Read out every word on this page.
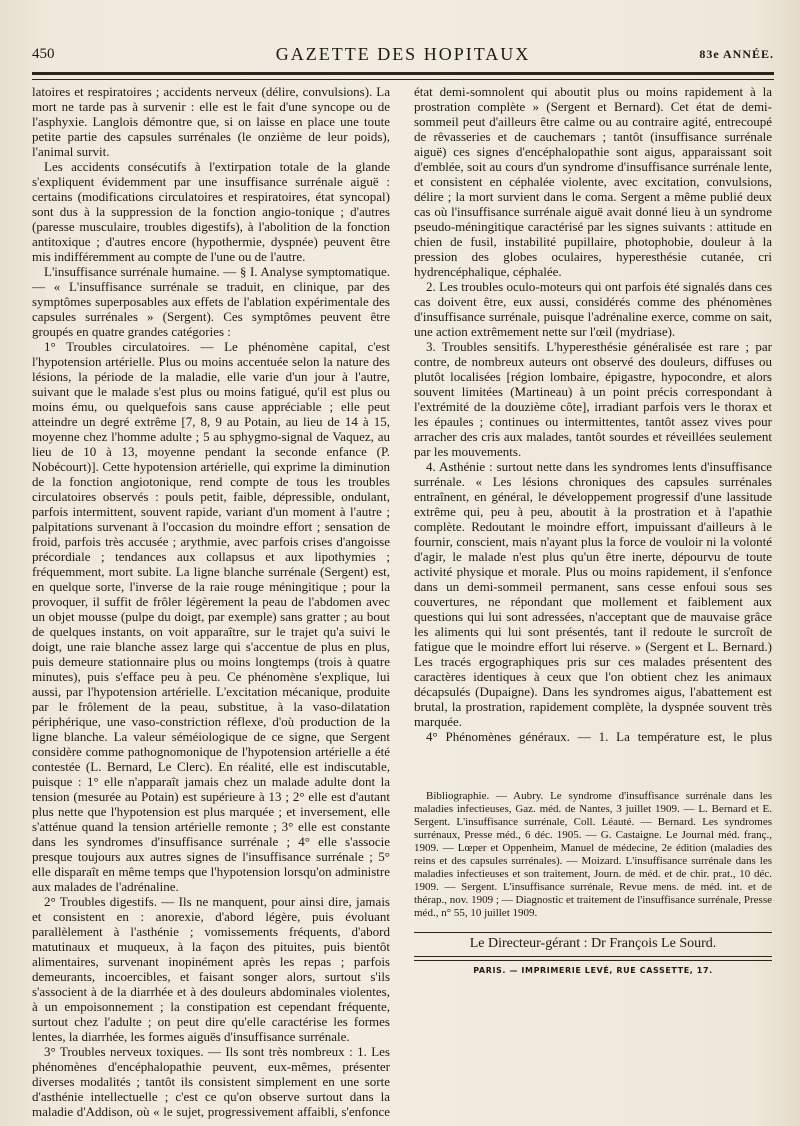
450	GAZETTE DES HOPITAUX	83e ANNÉE.

latoires et respiratoires ; accidents nerveux (délire, convulsions). La mort ne tarde pas à survenir : elle est le fait d'une syncope ou de l'asphyxie. Langlois démontre que, si on laisse en place une toute petite partie des capsules surrénales (le onzième de leur poids), l'animal survit.

Les accidents consécutifs à l'extirpation totale de la glande s'expliquent évidemment par une insuffisance surrénale aiguë : certains (modifications circulatoires et respiratoires, état syncopal) sont dus à la suppression de la fonction angio-tonique ; d'autres (paresse musculaire, troubles digestifs), à l'abolition de la fonction antitoxique ; d'autres encore (hypothermie, dyspnée) peuvent être mis indifféremment au compte de l'une ou de l'autre.

L'insuffisance surrénale humaine. — § I. Analyse symptomatique. — « L'insuffisance surrénale se traduit, en clinique, par des symptômes superposables aux effets de l'ablation expérimentale des capsules surrénales » (Sergent). Ces symptômes peuvent être groupés en quatre grandes catégories :

1° Troubles circulatoires. — Le phénomène capital, c'est l'hypotension artérielle. Plus ou moins accentuée selon la nature des lésions, la période de la maladie, elle varie d'un jour à l'autre, suivant que le malade s'est plus ou moins fatigué, qu'il est plus ou moins ému, ou quelquefois sans cause appréciable ; elle peut atteindre un degré extrême [7, 8, 9 au Potain, au lieu de 14 à 15, moyenne chez l'homme adulte ; 5 au sphygmo-signal de Vaquez, au lieu de 10 à 13, moyenne pendant la seconde enfance (P. Nobécourt)]. Cette hypotension artérielle, qui exprime la diminution de la fonction angiotonique, rend compte de tous les troubles circulatoires observés : pouls petit, faible, dépressible, ondulant, parfois intermittent, souvent rapide, variant d'un moment à l'autre ; palpitations survenant à l'occasion du moindre effort ; sensation de froid, parfois très accusée ; arythmie, avec parfois crises d'angoisse précordiale ; tendances aux collapsus et aux lipothymies ; fréquemment, mort subite. La ligne blanche surrénale (Sergent) est, en quelque sorte, l'inverse de la raie rouge méningitique ; pour la provoquer, il suffit de frôler légèrement la peau de l'abdomen avec un objet mousse (pulpe du doigt, par exemple) sans gratter ; au bout de quelques instants, on voit apparaître, sur le trajet qu'a suivi le doigt, une raie blanche assez large qui s'accentue de plus en plus, puis demeure stationnaire plus ou moins longtemps (trois à quatre minutes), puis s'efface peu à peu. Ce phénomène s'explique, lui aussi, par l'hypotension artérielle. L'excitation mécanique, produite par le frôlement de la peau, substitue, à la vaso-dilatation périphérique, une vaso-constriction réflexe, d'où production de la ligne blanche. La valeur séméiologique de ce signe, que Sergent considère comme pathognomonique de l'hypotension artérielle a été contestée (L. Bernard, Le Clerc). En réalité, elle est indiscutable, puisque : 1° elle n'apparaît jamais chez un malade adulte dont la tension (mesurée au Potain) est supérieure à 13 ; 2° elle est d'autant plus nette que l'hypotension est plus marquée ; et inversement, elle s'atténue quand la tension artérielle remonte ; 3° elle est constante dans les syndromes d'insuffisance surrénale ; 4° elle s'associe presque toujours aux autres signes de l'insuffisance surrénale ; 5° elle disparaît en même temps que l'hypotension lorsqu'on administre aux malades de l'adrénaline.

2° Troubles digestifs. — Ils ne manquent, pour ainsi dire, jamais et consistent en : anorexie, d'abord légère, puis évoluant parallèlement à l'asthénie ; vomissements fréquents, d'abord matutinaux et muqueux, à la façon des pituites, puis bientôt alimentaires, survenant inopinément après les repas ; parfois demeurants, incoercibles, et faisant songer alors, surtout s'ils s'associent à de la diarrhée et à des douleurs abdominales violentes, à un empoisonnement ; la constipation est cependant fréquente, surtout chez l'adulte ; on peut dire qu'elle caractérise les formes lentes, la diarrhée, les formes aiguës d'insuffisance surrénale.

3° Troubles nerveux toxiques. — Ils sont très nombreux : 1. Les phénomènes d'encéphalopathie peuvent, eux-mêmes, présenter diverses modalités ; tantôt ils consistent simplement en une sorte d'asthénie intellectuelle ; c'est ce qu'on observe surtout dans la maladie d'Addison, où « le sujet, progressivement affaibli, s'enfonce

état demi-somnolent qui aboutit plus ou moins rapidement à la prostration complète » (Sergent et Bernard). Cet état de demi-sommeil peut d'ailleurs être calme ou au contraire agité, entrecoupé de rêvasseries et de cauchemars ; tantôt (insuffisance surrénale aiguë) ces signes d'encéphalopathie sont aigus, apparaissant soit d'emblée, soit au cours d'un syndrome d'insuffisance surrénale lente, et consistent en céphalée violente, avec excitation, convulsions, délire ; la mort survient dans le coma. Sergent a même publié deux cas où l'insuffisance surrénale aiguë avait donné lieu à un syndrome pseudo-méningitique caractérisé par les signes suivants : attitude en chien de fusil, instabilité pupillaire, photophobie, douleur à la pression des globes oculaires, hyperesthésie cutanée, cri hydrencéphalique, céphalée.

2. Les troubles oculo-moteurs qui ont parfois été signalés dans ces cas doivent être, eux aussi, considérés comme des phénomènes d'insuffisance surrénale, puisque l'adrénaline exerce, comme on sait, une action extrêmement nette sur l'œil (mydriase).

3. Troubles sensitifs. L'hyperesthésie généralisée est rare ; par contre, de nombreux auteurs ont observé des douleurs, diffuses ou plutôt localisées [région lombaire, épigastre, hypocondre, et alors souvent limitées (Martineau) à un point précis correspondant à l'extrémité de la douzième côte], irradiant parfois vers le thorax et les épaules ; continues ou intermittentes, tantôt assez vives pour arracher des cris aux malades, tantôt sourdes et réveillées seulement par les mouvements.

4. Asthénie : surtout nette dans les syndromes lents d'insuffisance surrénale. « Les lésions chroniques des capsules surrénales entraînent, en général, le développement progressif d'une lassitude extrême qui, peu à peu, aboutit à la prostration et à l'apathie complète. Redoutant le moindre effort, impuissant d'ailleurs à le fournir, conscient, mais n'ayant plus la force de vouloir ni la volonté d'agir, le malade n'est plus qu'un être inerte, dépourvu de toute activité physique et morale. Plus ou moins rapidement, il s'enfonce dans un demi-sommeil permanent, sans cesse enfoui sous ses couvertures, ne répondant que mollement et faiblement aux questions qui lui sont adressées, n'acceptant que de mauvaise grâce les aliments qui lui sont présentés, tant il redoute le surcroît de fatigue que le moindre effort lui réserve. » (Sergent et L. Bernard.) Les tracés ergographiques pris sur ces malades présentent des caractères identiques à ceux que l'on obtient chez les animaux décapsulés (Dupaigne). Dans les syndromes aigus, l'abattement est brutal, la prostration, rapidement complète, la dyspnée souvent très marquée.

4° Phénomènes généraux. — 1. La température est, le plus

Bibliographie. — Aubry. Le syndrome d'insuffisance surrénale dans les maladies infectieuses, Gaz. méd. de Nantes, 3 juillet 1909. — L. Bernard et E. Sergent. L'insuffisance surrénale, Coll. Léauté. — Bernard. Les syndromes surrénaux, Presse méd., 6 déc. 1905. — G. Castaigne. Le Journal méd. franç., 1909. — Lœper et Oppenheim, Manuel de médecine, 2e édition (maladies des reins et des capsules surrénales). — Moizard. L'insuffisance surrénale dans les maladies infectieuses et son traitement, Journ. de méd. et de chir. prat., 10 déc. 1909. — Sergent. L'insuffisance surrénale, Revue mens. de méd. int. et de thérap., nov. 1909 ; — Diagnostic et traitement de l'insuffisance surrénale, Presse méd., n° 55, 10 juillet 1909.

Le Directeur-gérant : Dr François Le Sourd.
PARIS. — IMPRIMERIE LEVÉ, RUE CASSETTE, 17.
